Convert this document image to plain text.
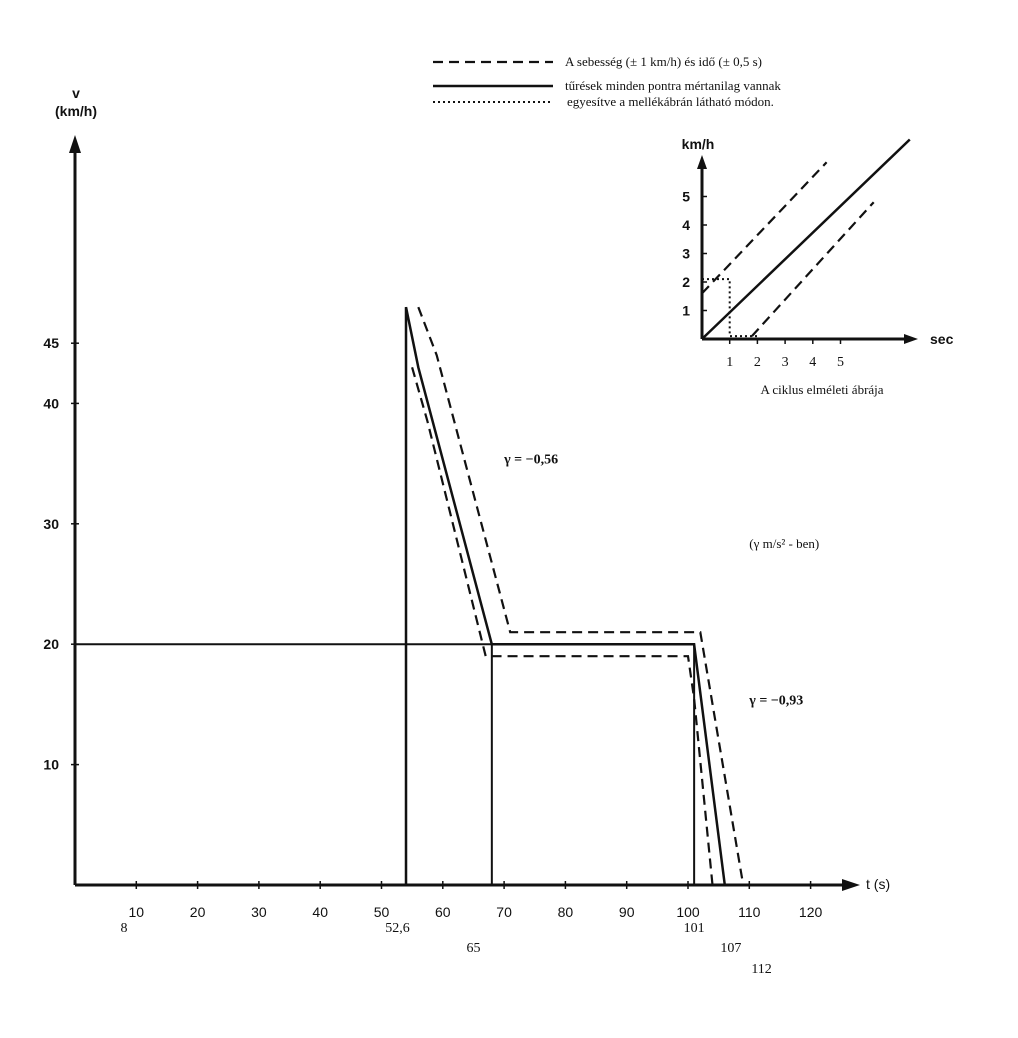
A sebesség (± 1 km/h) és idő (± 0,5 s)
tűrések minden pontra mértanilag vannak
egyesítve a mellékábrán látható módon.
v
(km/h)
t (s)
10	20	30	40	50	60	70	80	90	100	110	120
10
20
30
40
45
8	52,6
65
101
107
112
γ = −0,56
(γ m/s² - ben)
γ = −0,93
km/h
sec
A ciklus elméleti ábrája
1 2 3 4 5
1
2
3
4
5
